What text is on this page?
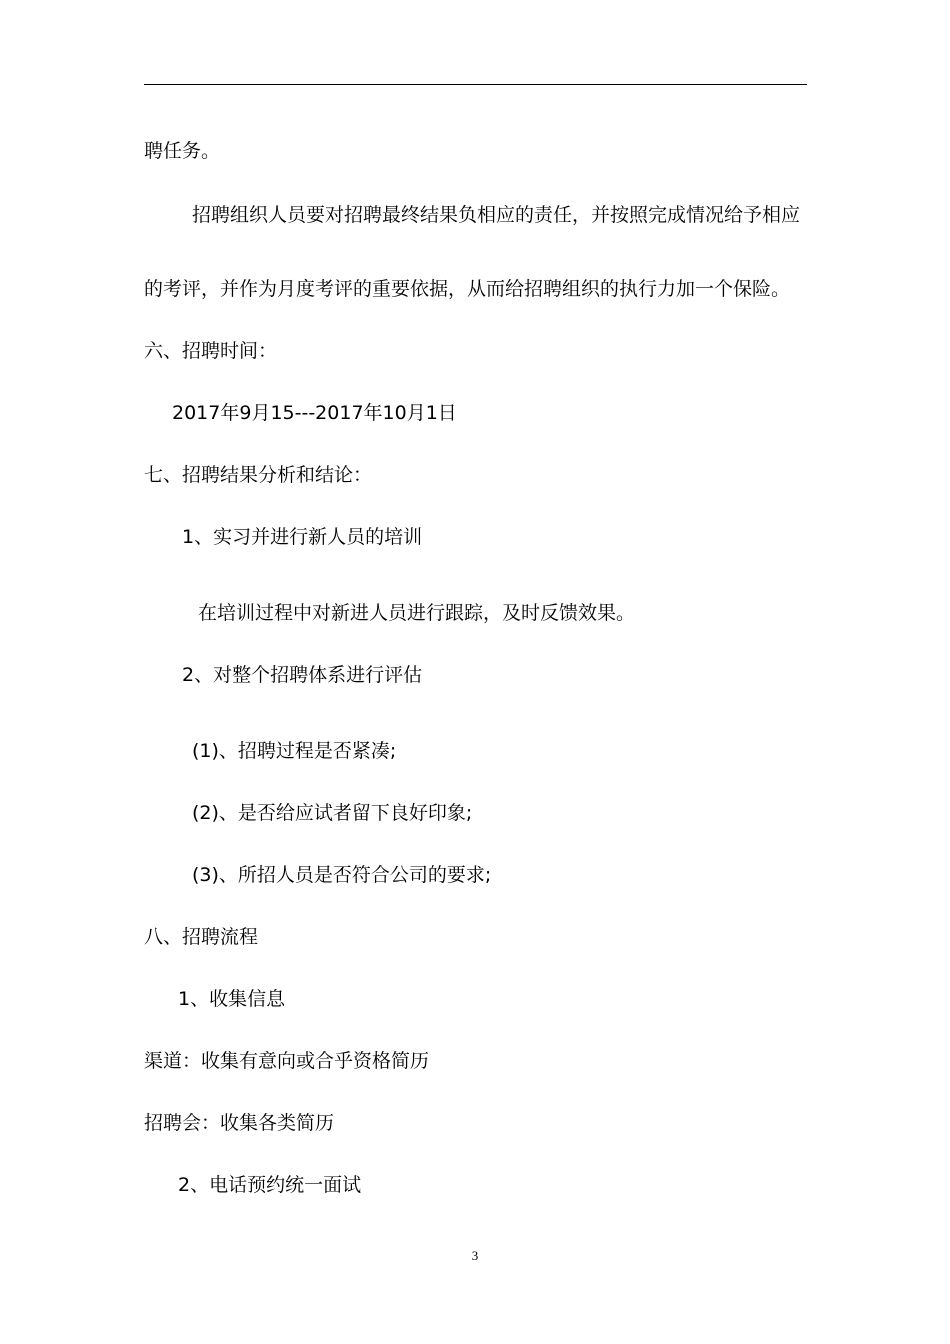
聘任务。
招聘组织人员要对招聘最终结果负相应的责任，并按照完成情况给予相应
的考评，并作为月度考评的重要依据，从而给招聘组织的执行力加一个保险。
六、招聘时间：
2017年9月15---2017年10月1日
七、招聘结果分析和结论：
1、实习并进行新人员的培训
在培训过程中对新进人员进行跟踪，及时反馈效果。
2、对整个招聘体系进行评估
(1)、招聘过程是否紧凑;
(2)、是否给应试者留下良好印象;
(3)、所招人员是否符合公司的要求;
八、招聘流程
1、收集信息
渠道：收集有意向或合乎资格简历
招聘会：收集各类简历
2、电话预约统一面试
3
